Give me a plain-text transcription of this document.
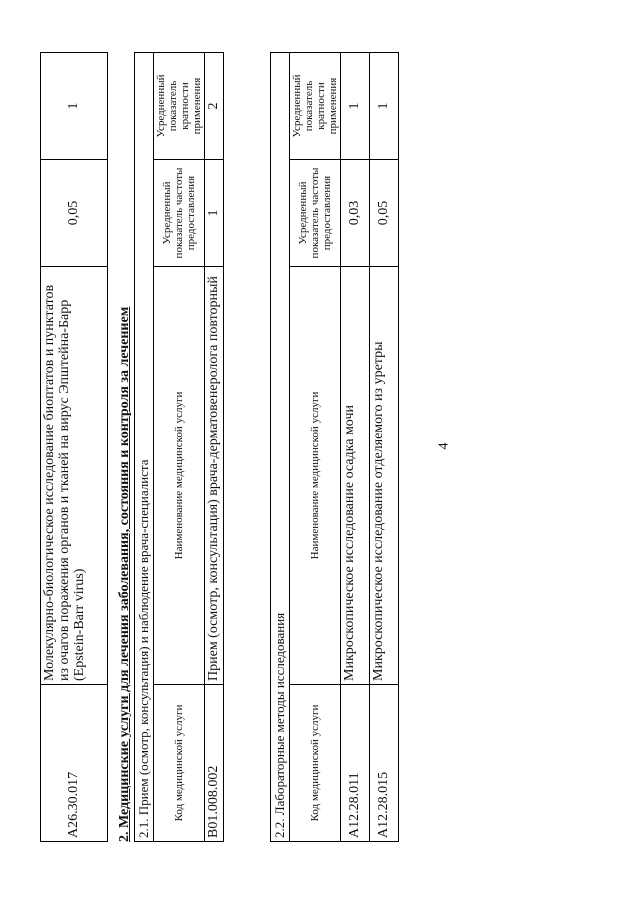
4
A26.30.017	Молекулярно-биологическое исследование биоптатов и пунктатов из очагов поражения органов и тканей на вирус Эпштейна-Барр (Epstein-Barr virus)	0,05	1
2. Медицинские услуги для лечения заболевания, состояния и контроля за лечением 2.1. Прием (осмотр, консультация) и наблюдение врача-специалиста			
Код медицинской услуги	Наименование медицинской услуги	Усредненный показатель частоты предоставления	Усредненный показатель кратности применения
B01.008.002	Прием (осмотр, консультация) врача-дерматовенеролога повторный	1	2
2.2. Лабораторные методы исследования			
Код медицинской услуги	Наименование медицинской услуги	Усредненный показатель частоты предоставления	Усредненный показатель кратности применения
A12.28.011	Микроскопическое исследование осадка мочи	0,03	1
A12.28.015	Микроскопическое исследование отделяемого из уретры	0,05	1
